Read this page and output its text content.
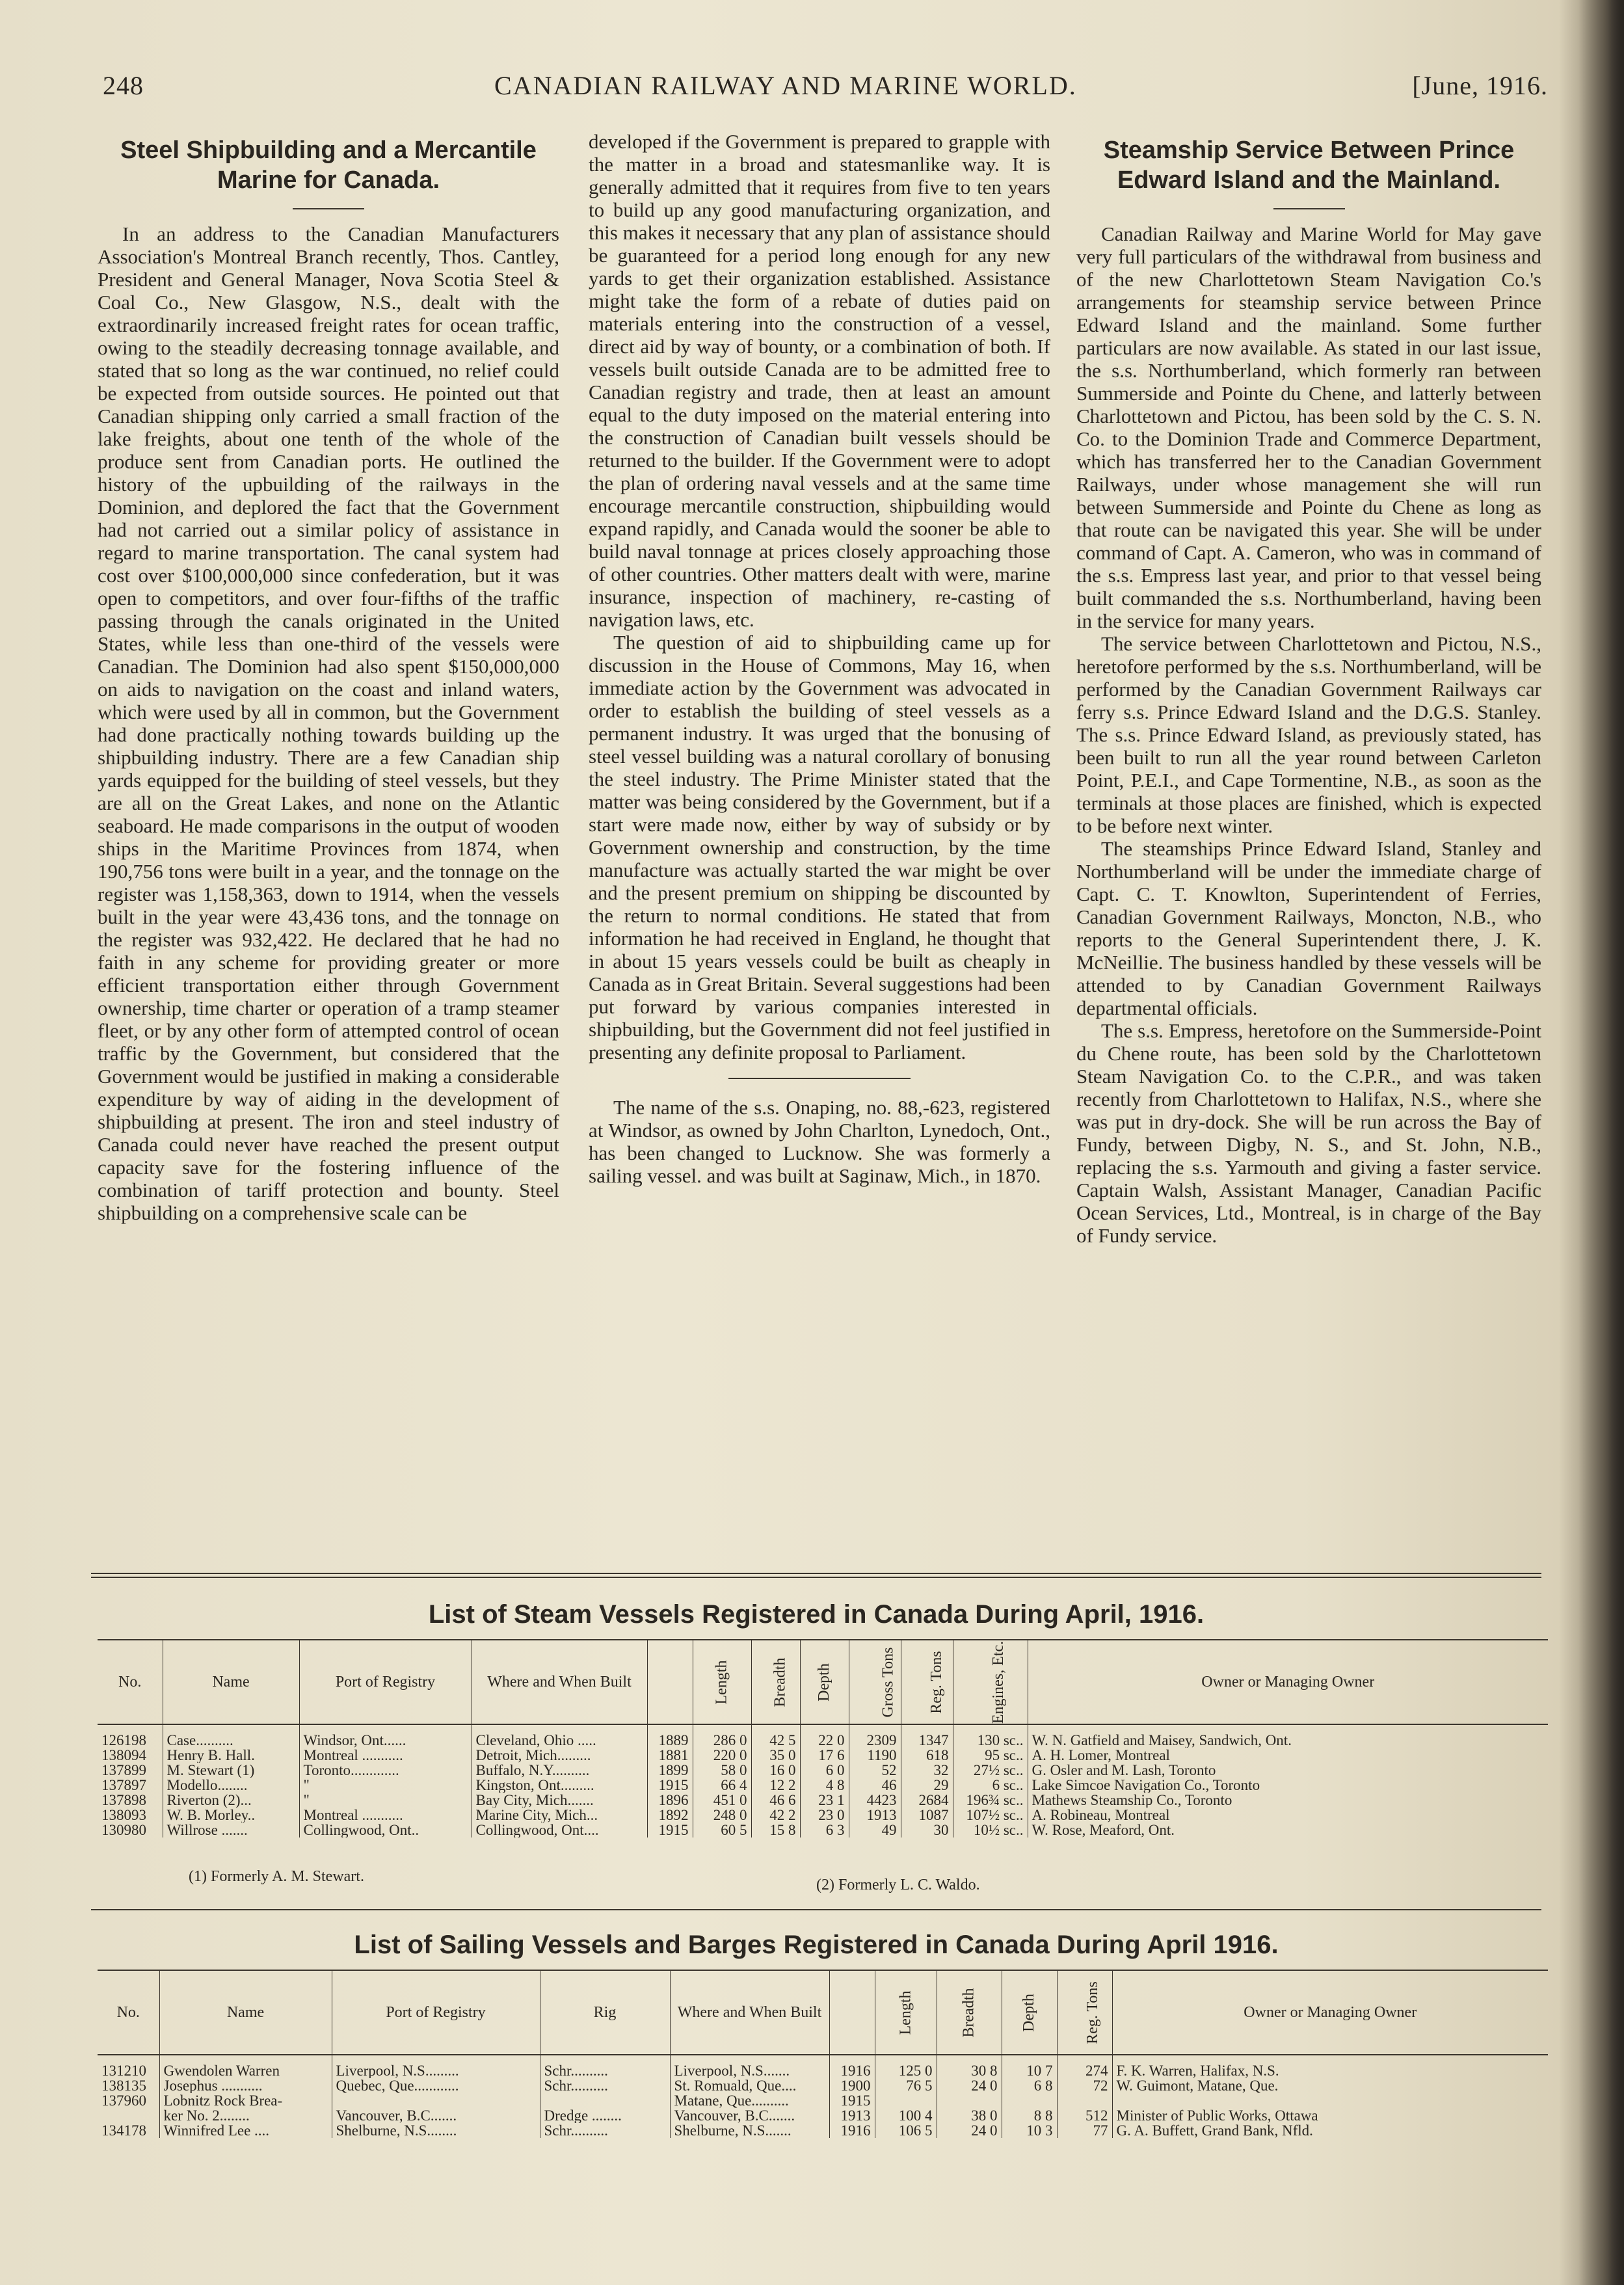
248	CANADIAN RAILWAY AND MARINE WORLD.	[June, 1916.
Steel Shipbuilding and a Mercantile Marine for Canada.

In an address to the Canadian Manufacturers Association's Montreal Branch recently, Thos. Cantley, President and General Manager, Nova Scotia Steel & Coal Co., New Glasgow, N.S., dealt with the extraordinarily increased freight rates for ocean traffic, owing to the steadily decreasing tonnage available, and stated that so long as the war continued, no relief could be expected from outside sources. He pointed out that Canadian shipping only carried a small fraction of the lake freights, about one tenth of the whole of the produce sent from Canadian ports. He outlined the history of the upbuilding of the railways in the Dominion, and deplored the fact that the Government had not carried out a similar policy of assistance in regard to marine transportation. The canal system had cost over $100,000,000 since confederation, but it was open to competitors, and over four-fifths of the traffic passing through the canals originated in the United States, while less than one-third of the vessels were Canadian. The Dominion had also spent $150,000,000 on aids to navigation on the coast and inland waters, which were used by all in common, but the Government had done practically nothing towards building up the shipbuilding industry. There are a few Canadian ship yards equipped for the building of steel vessels, but they are all on the Great Lakes, and none on the Atlantic seaboard. He made comparisons in the output of wooden ships in the Maritime Provinces from 1874, when 190,756 tons were built in a year, and the tonnage on the register was 1,158,363, down to 1914, when the vessels built in the year were 43,436 tons, and the tonnage on the register was 932,422. He declared that he had no faith in any scheme for providing greater or more efficient transportation either through Government ownership, time charter or operation of a tramp steamer fleet, or by any other form of attempted control of ocean traffic by the Government, but considered that the Government would be justified in making a considerable expenditure by way of aiding in the development of shipbuilding at present. The iron and steel industry of Canada could never have reached the present output capacity save for the fostering influence of the combination of tariff protection and bounty. Steel shipbuilding on a comprehensive scale can be

developed if the Government is prepared to grapple with the matter in a broad and statesmanlike way. It is generally admitted that it requires from five to ten years to build up any good manufacturing organization, and this makes it necessary that any plan of assistance should be guaranteed for a period long enough for any new yards to get their organization established. Assistance might take the form of a rebate of duties paid on materials entering into the construction of a vessel, direct aid by way of bounty, or a combination of both. If vessels built outside Canada are to be admitted free to Canadian registry and trade, then at least an amount equal to the duty imposed on the material entering into the construction of Canadian built vessels should be returned to the builder. If the Government were to adopt the plan of ordering naval vessels and at the same time encourage mercantile construction, shipbuilding would expand rapidly, and Canada would the sooner be able to build naval tonnage at prices closely approaching those of other countries. Other matters dealt with were, marine insurance, inspection of machinery, re-casting of navigation laws, etc.

The question of aid to shipbuilding came up for discussion in the House of Commons, May 16, when immediate action by the Government was advocated in order to establish the building of steel vessels as a permanent industry. It was urged that the bonusing of steel vessel building was a natural corollary of bonusing the steel industry. The Prime Minister stated that the matter was being considered by the Government, but if a start were made now, either by way of subsidy or by Government ownership and construction, by the time manufacture was actually started the war might be over and the present premium on shipping be discounted by the return to normal conditions. He stated that from information he had received in England, he thought that in about 15 years vessels could be built as cheaply in Canada as in Great Britain. Several suggestions had been put forward by various companies interested in shipbuilding, but the Government did not feel justified in presenting any definite proposal to Parliament.

The name of the s.s. Onaping, no. 88,-623, registered at Windsor, as owned by John Charlton, Lynedoch, Ont., has been changed to Lucknow. She was formerly a sailing vessel. and was built at Saginaw, Mich., in 1870.

Steamship Service Between Prince Edward Island and the Mainland.

Canadian Railway and Marine World for May gave very full particulars of the withdrawal from business and of the new Charlottetown Steam Navigation Co.'s arrangements for steamship service between Prince Edward Island and the mainland. Some further particulars are now available. As stated in our last issue, the s.s. Northumberland, which formerly ran between Summerside and Pointe du Chene, and latterly between Charlottetown and Pictou, has been sold by the C. S. N. Co. to the Dominion Trade and Commerce Department, which has transferred her to the Canadian Government Railways, under whose management she will run between Summerside and Pointe du Chene as long as that route can be navigated this year. She will be under command of Capt. A. Cameron, who was in command of the s.s. Empress last year, and prior to that vessel being built commanded the s.s. Northumberland, having been in the service for many years.

The service between Charlottetown and Pictou, N.S., heretofore performed by the s.s. Northumberland, will be performed by the Canadian Government Railways car ferry s.s. Prince Edward Island and the D.G.S. Stanley. The s.s. Prince Edward Island, as previously stated, has been built to run all the year round between Carleton Point, P.E.I., and Cape Tormentine, N.B., as soon as the terminals at those places are finished, which is expected to be before next winter.

The steamships Prince Edward Island, Stanley and Northumberland will be under the immediate charge of Capt. C. T. Knowlton, Superintendent of Ferries, Canadian Government Railways, Moncton, N.B., who reports to the General Superintendent there, J. K. McNeillie. The business handled by these vessels will be attended to by Canadian Government Railways departmental officials.

The s.s. Empress, heretofore on the Summerside-Point du Chene route, has been sold by the Charlottetown Steam Navigation Co. to the C.P.R., and was taken recently from Charlottetown to Halifax, N.S., where she was put in dry-dock. She will be run across the Bay of Fundy, between Digby, N. S., and St. John, N.B., replacing the s.s. Yarmouth and giving a faster service. Captain Walsh, Assistant Manager, Canadian Pacific Ocean Services, Ltd., Montreal, is in charge of the Bay of Fundy service.

List of Steam Vessels Registered in Canada During April, 1916.
No.	Name	Port of Registry	Where and When Built		Length	Breadth	Depth	Gross Tons	Reg. Tons	Engines, Etc.	Owner or Managing Owner
126198	Case..........	Windsor, Ont......	Cleveland, Ohio .....	1889	286 0	42 5	22 0	2309	1347	130 sc..	W. N. Gatfield and Maisey, Sandwich, Ont.
138094	Henry B. Hall.	Montreal ...........	Detroit, Mich.........	1881	220 0	35 0	17 6	1190	618	95 sc..	A. H. Lomer, Montreal
137899	M. Stewart (1)	Toronto.............	Buffalo, N.Y..........	1899	58 0	16 0	6 0	52	32	27½ sc..	G. Osler and M. Lash, Toronto
137897	Modello........	"	Kingston, Ont.........	1915	66 4	12 2	4 8	46	29	6 sc..	Lake Simcoe Navigation Co., Toronto
137898	Riverton (2)...	"	Bay City, Mich.......	1896	451 0	46 6	23 1	4423	2684	196¾ sc..	Mathews Steamship Co., Toronto
138093	W. B. Morley..	Montreal ...........	Marine City, Mich...	1892	248 0	42 2	23 0	1913	1087	107½ sc..	A. Robineau, Montreal
130980	Willrose .......	Collingwood, Ont..	Collingwood, Ont....	1915	60 5	15 8	6 3	49	30	10½ sc..	W. Rose, Meaford, Ont.
(1) Formerly A. M. Stewart.	(2) Formerly L. C. Waldo.
List of Sailing Vessels and Barges Registered in Canada During April 1916.
No.	Name	Port of Registry	Rig	Where and When Built		Length	Breadth	Depth	Reg. Tons	Owner or Managing Owner
131210	Gwendolen Warren	Liverpool, N.S.........	Schr..........	Liverpool, N.S.......	1916	125 0	30 8	10 7	274	F. K. Warren, Halifax, N.S.
138135	Josephus ...........	Quebec, Que............	Schr..........	St. Romuald, Que....	1900	76 5	24 0	6 8	72	W. Guimont, Matane, Que.
137960	Lobnitz Rock Brea-			Matane, Que..........	1915					
	ker No. 2........	Vancouver, B.C.......	Dredge ........	Vancouver, B.C.......	1913	100 4	38 0	8 8	512	Minister of Public Works, Ottawa
134178	Winnifred Lee ....	Shelburne, N.S........	Schr..........	Shelburne, N.S.......	1916	106 5	24 0	10 3	77	G. A. Buffett, Grand Bank, Nfld.
